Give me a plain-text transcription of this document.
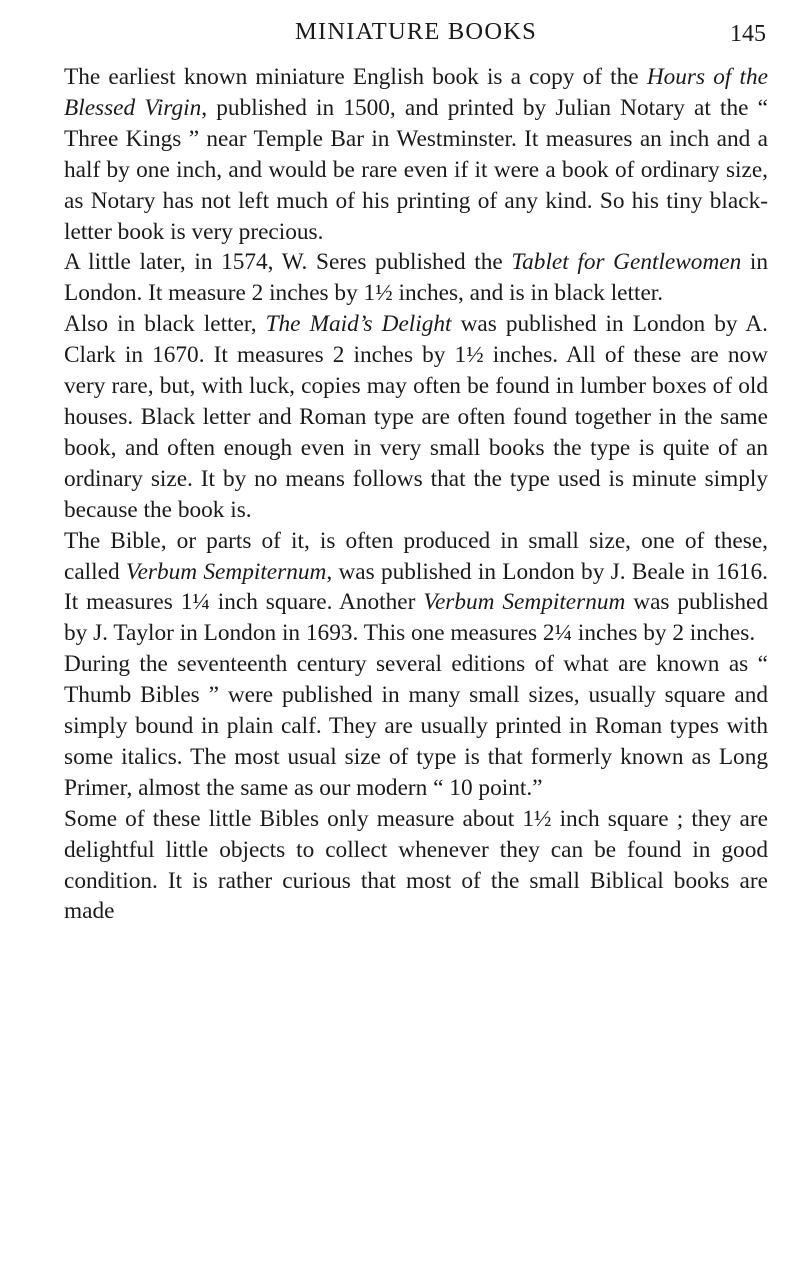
MINIATURE BOOKS	145

The earliest known miniature English book is a copy of the Hours of the Blessed Virgin, published in 1500, and printed by Julian Notary at the “ Three Kings ” near Temple Bar in Westminster. It measures an inch and a half by one inch, and would be rare even if it were a book of ordinary size, as Notary has not left much of his printing of any kind. So his tiny black-letter book is very precious.

A little later, in 1574, W. Seres published the Tablet for Gentlewomen in London. It measure 2 inches by 1½ inches, and is in black letter.

Also in black letter, The Maid’s Delight was published in London by A. Clark in 1670. It measures 2 inches by 1½ inches. All of these are now very rare, but, with luck, copies may often be found in lumber boxes of old houses. Black letter and Roman type are often found together in the same book, and often enough even in very small books the type is quite of an ordinary size. It by no means follows that the type used is minute simply because the book is.

The Bible, or parts of it, is often produced in small size, one of these, called Verbum Sempiternum, was published in London by J. Beale in 1616. It measures 1¼ inch square. Another Verbum Sempiternum was published by J. Taylor in London in 1693. This one measures 2¼ inches by 2 inches.

During the seventeenth century several editions of what are known as “ Thumb Bibles ” were published in many small sizes, usually square and simply bound in plain calf. They are usually printed in Roman types with some italics. The most usual size of type is that formerly known as Long Primer, almost the same as our modern “ 10 point.”

Some of these little Bibles only measure about 1½ inch square ; they are delightful little objects to collect whenever they can be found in good condition. It is rather curious that most of the small Biblical books are made
